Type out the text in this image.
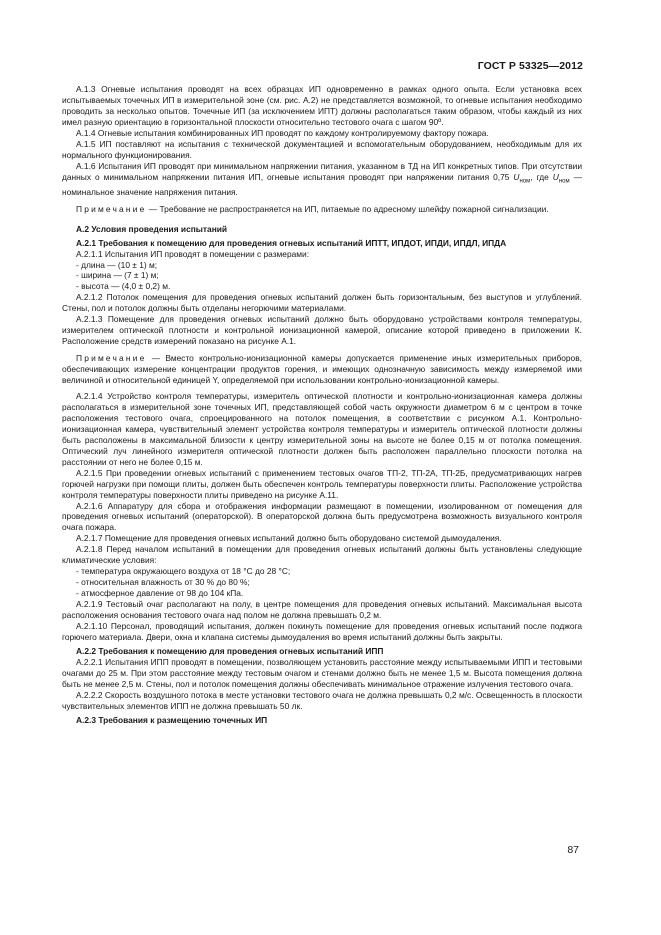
ГОСТ Р 53325—2012

А.1.3 Огневые испытания проводят на всех образцах ИП одновременно в рамках одного опыта. Если установка всех испытываемых точечных ИП в измерительной зоне (см. рис. А.2) не представляется возможной, то огневые испытания необходимо проводить за несколько опытов. Точечные ИП (за исключением ИПТ) должны располагаться таким образом, чтобы каждый из них имел разную ориентацию в горизонтальной плоскости относительно тестового очага с шагом 90º.

А.1.4 Огневые испытания комбинированных ИП проводят по каждому контролируемому фактору пожара.

А.1.5 ИП поставляют на испытания с технической документацией и вспомогательным оборудованием, необходимым для их нормального функционирования.

А.1.6 Испытания ИП проводят при минимальном напряжении питания, указанном в ТД на ИП конкретных типов. При отсутствии данных о минимальном напряжении питания ИП, огневые испытания проводят при напряжении питания 0,75 $U_{ном}$, где $U_{ном}$ — номинальное значение напряжения питания.

Примечание — Требование не распространяется на ИП, питаемые по адресному шлейфу пожарной сигнализации.

А.2 Условия проведения испытаний

А.2.1 Требования к помещению для проведения огневых испытаний ИПТТ, ИПДОТ, ИПДИ, ИПДЛ, ИПДА

А.2.1.1 Испытания ИП проводят в помещении с размерами:

- длина — (10 ± 1) м;
- ширина — (7 ± 1) м;
- высота — (4,0 ± 0,2) м.

А.2.1.2 Потолок помещения для проведения огневых испытаний должен быть горизонтальным, без выступов и углублений. Стены, пол и потолок должны быть отделаны негорючими материалами.

А.2.1.3 Помещение для проведения огневых испытаний должно быть оборудовано устройствами контроля температуры, измерителем оптической плотности и контрольной ионизационной камерой, описание которой приведено в приложении К. Расположение средств измерений показано на рисунке А.1.

Примечание — Вместо контрольно-ионизационной камеры допускается применение иных измерительных приборов, обеспечивающих измерение концентрации продуктов горения, и имеющих однозначную зависимость между измеряемой ими величиной и относительной единицей Y, определяемой при использовании контрольно-ионизационной камеры.

А.2.1.4 Устройство контроля температуры, измеритель оптической плотности и контрольно-ионизационная камера должны располагаться в измерительной зоне точечных ИП, представляющей собой часть окружности диаметром 6 м с центром в точке расположения тестового очага, спроецированного на потолок помещения, в соответствии с рисунком А.1. Контрольно-ионизационная камера, чувствительный элемент устройства контроля температуры и измеритель оптической плотности должны быть расположены в максимальной близости к центру измерительной зоны на высоте не более 0,15 м от потолка помещения. Оптический луч линейного измерителя оптической плотности должен быть расположен параллельно плоскости потолка на расстоянии от него не более 0,15 м.

А.2.1.5 При проведении огневых испытаний с применением тестовых очагов ТП-2, ТП-2А, ТП-2Б, предусматривающих нагрев горючей нагрузки при помощи плиты, должен быть обеспечен контроль температуры поверхности плиты. Расположение устройства контроля температуры поверхности плиты приведено на рисунке А.11.

А.2.1.6 Аппаратуру для сбора и отображения информации размещают в помещении, изолированном от помещения для проведения огневых испытаний (операторской). В операторской должна быть предусмотрена возможность визуального контроля очага пожара.

А.2.1.7 Помещение для проведения огневых испытаний должно быть оборудовано системой дымоудаления.

А.2.1.8 Перед началом испытаний в помещении для проведения огневых испытаний должны быть установлены следующие климатические условия:

- температура окружающего воздуха от 18 °С до 28 °С;
- относительная влажность от 30 % до 80 %;
- атмосферное давление от 98 до 104 кПа.

А.2.1.9 Тестовый очаг располагают на полу, в центре помещения для проведения огневых испытаний. Максимальная высота расположения основания тестового очага над полом не должна превышать 0,2 м.

А.2.1.10 Персонал, проводящий испытания, должен покинуть помещение для проведения огневых испытаний после поджога горючего материала. Двери, окна и клапана системы дымоудаления во время испытаний должны быть закрыты.

А.2.2 Требования к помещению для проведения огневых испытаний ИПП

А.2.2.1 Испытания ИПП проводят в помещении, позволяющем установить расстояние между испытываемыми ИПП и тестовыми очагами до 25 м. При этом расстояние между тестовым очагом и стенами должно быть не менее 1,5 м. Высота помещения должна быть не менее 2,5 м. Стены, пол и потолок помещения должны обеспечивать минимальное отражение излучения тестового очага.

А.2.2.2 Скорость воздушного потока в месте установки тестового очага не должна превышать 0,2 м/с. Освещенность в плоскости чувствительных элементов ИПП не должна превышать 50 лк.

А.2.3 Требования к размещению точечных ИП

87
